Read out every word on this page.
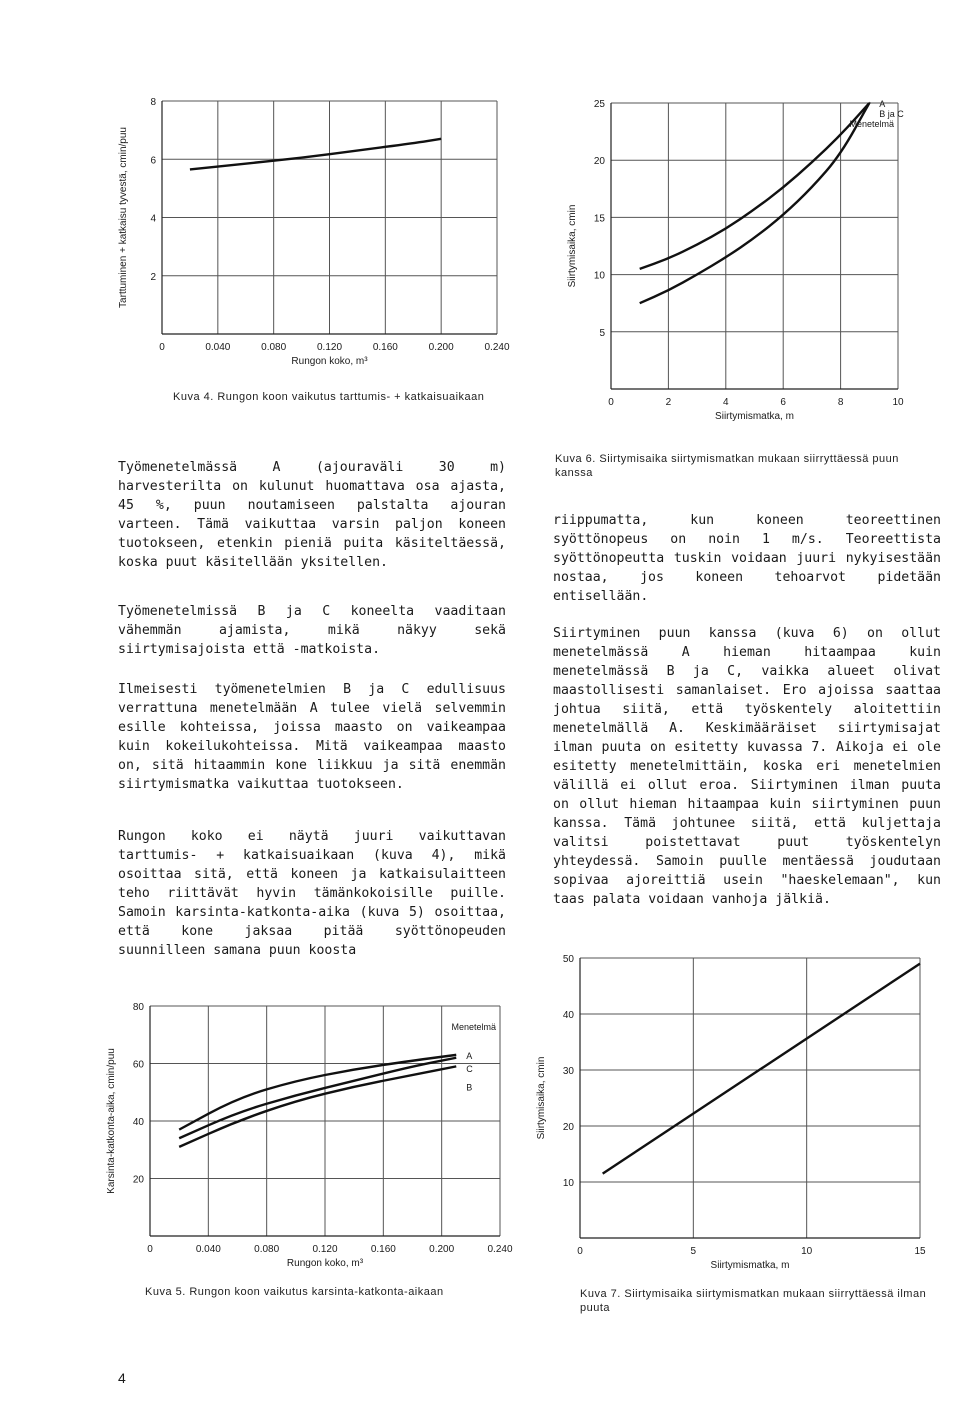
0	0.040	0.080	0.120	0.160	0.200	0.240
2
4
6
8
Rungon koko, m³
Tarttuminen + katkaisu tyvestä, cmin/puu
Kuva 4. Rungon koon vaikutus tarttumis- + katkaisuaikaan	0	2	4	6	8	10
5
10
15
20
25
Siirtymismatka, m
Siirtymisaika, cmin
A
B ja C
Menetelmä
Kuva 6. Siirtymisaika siirtymismatkan mukaan siirryttäessä puun kanssa

Työmenetelmässä A (ajouraväli 30 m) harvesterilta on kulunut huomattava osa ajasta, 45 %, puun noutamiseen palstalta ajouran varteen. Tämä vaikuttaa varsin paljon koneen tuotokseen, etenkin pieniä puita käsiteltäessä, koska puut käsitellään yksitellen.

Työmenetelmissä B ja C koneelta vaaditaan vähemmän ajamista, mikä näkyy sekä siirtymisajoista että -matkoista.

Ilmeisesti työmenetelmien B ja C edullisuus verrattuna menetelmään A tulee vielä selvemmin esille kohteissa, joissa maasto on vaikeampaa kuin kokeilukohteissa. Mitä vaikeampaa maasto on, sitä hitaammin kone liikkuu ja sitä enemmän siirtymismatka vaikuttaa tuotokseen.

Rungon koko ei näytä juuri vaikuttavan tarttumis- + katkaisuaikaan (kuva 4), mikä osoittaa sitä, että koneen ja katkaisulaitteen teho riittävät hyvin tämänkokoisille puille. Samoin karsinta-katkonta-aika (kuva 5) osoittaa, että kone jaksaa pitää syöttönopeuden suunnilleen samana puun koosta

riippumatta, kun koneen teoreettinen syöttönopeus on noin 1 m/s. Teoreettista syöttönopeutta tuskin voidaan juuri nykyisestään nostaa, jos koneen tehoarvot pidetään entisellään.

Siirtyminen puun kanssa (kuva 6) on ollut menetelmässä A hieman hitaampaa kuin menetelmässä B ja C, vaikka alueet olivat maastollisesti samanlaiset. Ero ajoissa saattaa johtua siitä, että työskentely aloitettiin menetelmällä A. Keskimääräiset siirtymisajat ilman puuta on esitetty kuvassa 7. Aikoja ei ole esitetty menetelmittäin, koska eri menetelmien välillä ei ollut eroa. Siirtyminen ilman puuta on ollut hieman hitaampaa kuin siirtyminen puun kanssa. Tämä johtunee siitä, että kuljettaja valitsi poistettavat puut työskentelyn yhteydessä. Samoin puulle mentäessä joudutaan sopivaa ajoreittiä usein "haeskelemaan", kun taas palata voidaan vanhoja jälkiä.

0	0.040	0.080	0.120	0.160	0.200	0.240
20
40
60
80
Rungon koko, m³
Karsinta-katkonta-aika, cmin/puu	A
C
B
Menetelmä
Kuva 5. Rungon koon vaikutus karsinta-katkonta-aikaan
0	5	10	15
10
20
30
40
50
Siirtymismatka, m
Siirtymisaika, cmin
Kuva 7. Siirtymisaika siirtymismatkan mukaan siirryttäessä ilman puuta
4
